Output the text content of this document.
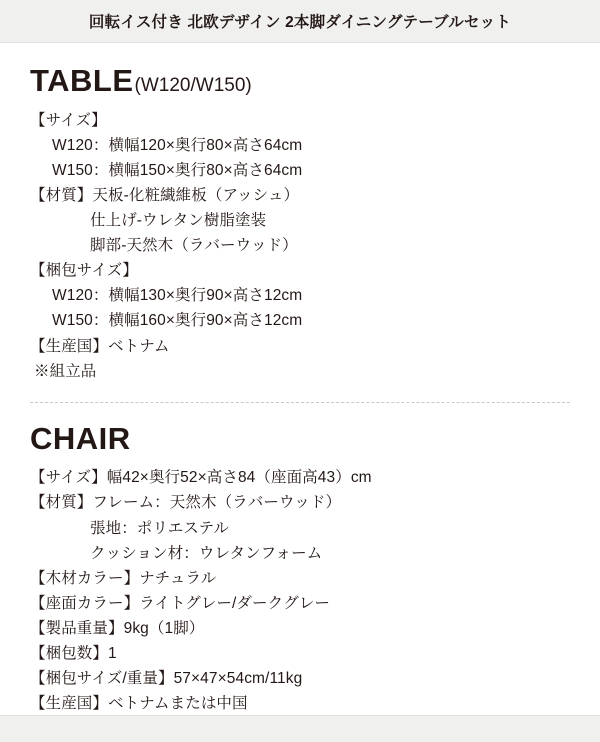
回転イス付き 北欧デザイン 2本脚ダイニングテーブルセット
TABLE (W120/W150)
【サイズ】
W120：横幅120×奥行80×高さ64cm
W150：横幅150×奥行80×高さ64cm
【材質】天板-化粧繊維板（アッシュ）
仕上げ-ウレタン樹脂塗装
脚部-天然木（ラバーウッド）
【梱包サイズ】
W120：横幅130×奥行90×高さ12cm
W150：横幅160×奥行90×高さ12cm
【生産国】ベトナム
※組立品
CHAIR
【サイズ】幅42×奥行52×高さ84（座面高43）cm
【材質】フレーム：天然木（ラバーウッド）
張地：ポリエステル
クッション材：ウレタンフォーム
【木材カラー】ナチュラル
【座面カラー】ライトグレー/ダークグレー
【製品重量】9kg（1脚）
【梱包数】1
【梱包サイズ/重量】57×47×54cm/11kg
【生産国】ベトナムまたは中国
